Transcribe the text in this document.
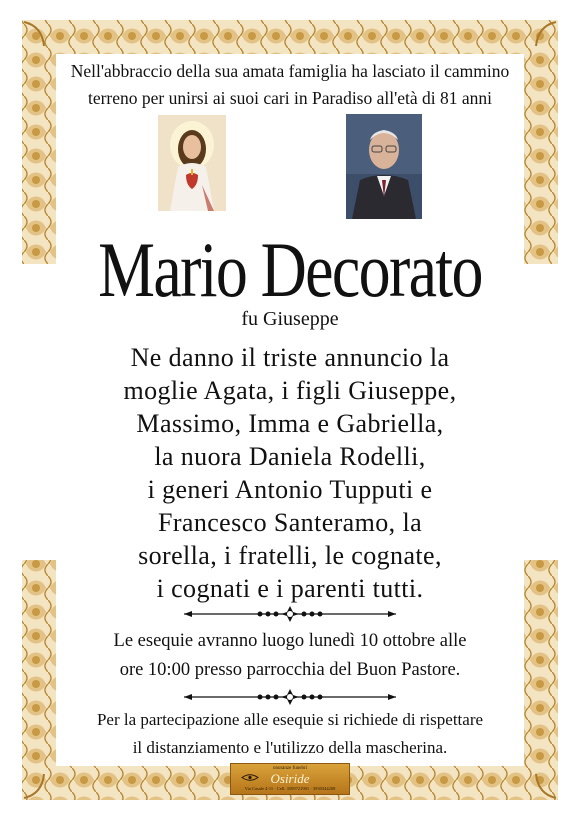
Nell'abbraccio della sua amata famiglia ha lasciato il cammino
terreno per unirsi ai suoi cari in Paradiso all'età di 81 anni
Mario Decorato
fu Giuseppe
Ne danno il triste annuncio la
moglie Agata, i figli Giuseppe,
Massimo, Imma e Gabriella,
la nuora Daniela Rodelli,
i generi Antonio Tupputi e
Francesco Santeramo, la
sorella, i fratelli, le cognate,
i cognati e i parenti tutti.
Le esequie avranno luogo lunedì 10 ottobre alle
ore 10:00 presso parrocchia del Buon Pastore.
Per la partecipazione alle esequie si richiede di rispettare
il distanziamento e l'utilizzo della mascherina.
onoranze funebri
Osiride
Via Casale 4-11 · Cell. 3509721901 · 3930344208
